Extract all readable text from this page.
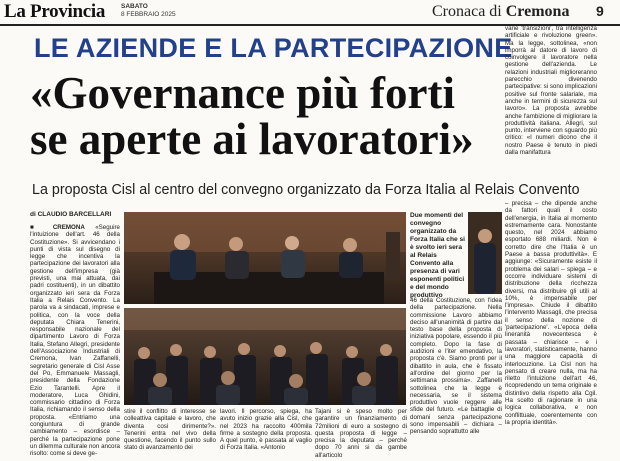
La Provincia SABATO
8 FEBBRAIO 2025	Cronaca di Cremona 9
LE AZIENDE E LA PARTECIPAZIONE
«Governance più forti
se aperte ai lavoratori»
La proposta Cisl al centro del convegno organizzato da Forza Italia al Relais Convento
di CLAUDIO BARCELLARI
■ CREMONA «Seguire l'intuizione dell'art. 46 della Costituzione». Si avvicendano i punti di vista sul disegno di legge che incentiva la partecipazione dei lavoratori alla gestione dell'impresa (già previsti, una mai attuata, dai padri costituenti), in un dibattito organizzato ieri sera da Forza Italia a Relais Convento. La parola va a sindacati, imprese e politica, con la voce della deputata Chiara Tenerini, responsabile nazionale del dipartimento Lavoro di Forza Italia, Stefano Allegri, presidente dell'Associazione Industriali di Cremona, Ivan Zaffanelli, segretario generale di Cisl Asse del Po, Emmanuele Massagli, presidente della Fondazione Ezio Tarantelli. Apre il moderatore, Luca Ghidini, commissario cittadino di Forza Italia, richiamando il senso della proposta. «Entriamo una congiuntura di grande cambiamento – esordisce – perché la partecipazione pone un dilemma culturale non ancora risolto: come si deve ge-
Due momenti del convegno organizzato da Forza Italia che si è svolto ieri sera al Relais Convento alla presenza di vari esponenti politici e del mondo produttivo
stire il conflitto di interesse se colleattiva capitale e lavoro, che diventa così dirimente?». Tenerini entra nel vivo della questione, facendo il punto sullo stato di avanzamento dei
lavori. Il percorso, spiega, ha avuto inizio grazie alla Cisl, che nel 2023 ha raccolto 400mila firme a sostegno della proposta. A quel punto, è passata al vaglio di Forza Italia. «Antonio
Tajani si è speso molto per garantire un finanziamento di 72milioni di euro a sostegno di questa proposta di legge – precisa la deputata – perché dopo 70 anni si da gambe all'articolo
46 della Costituzione, con l'idea della partecipazione. Nella commissione Lavoro abbiamo deciso all'unanimità di partire dal testo base della proposta di iniziativa popolare, essendo il più completo. Dopo la fase di audizioni e l'iter emendativo, la proposta c'è. Siamo pronti per il dibattito in aula, che è fissato all'ordine del giorno per la settimana prossima». Zaffanelli sottolinea che la legge è necessaria, se il sistema produttivo vuole reggere alle sfide del futuro. «Le battaglie di domani senza partecipazione sono impensabili – dichiara – pensando soprattutto alle
varie 'transizioni', tra intelligenza artificiale e rivoluzione green». Ma la legge, sottolinea, «non imporrà al datore di lavoro di coinvolgere il lavoratore nella gestione dell'azienda. Le relazioni industriali miglioreranno parecchio divenendo partecipative: si sono implicazioni positive sul fronte salariale, ma anche in termini di sicurezza sul lavoro». La proposta avrebbe anche l'ambizione di migliorare la produttività italiana. Allegri, sul punto, interviene con sguardo più critico: «I numeri dicono che il nostro Paese è tenuto in piedi dalla manifattura
– precisa – che dipende anche da fattori quali il costo dell'energia, in Italia al momento estremamente cara. Nonostante questo, nel 2024 abbiamo esportato 688 miliardi. Non è corretto dire che l'Italia è un Paese a bassa produttività». E aggiunge: «Sicuramente esiste il problema dei salari – spiega – e occorre individuare sistemi di distribuzione della ricchezza diversi, ma distribuire gli utili al 10%, è impensabile per l'impresa». Chiude il dibattito l'intervento Massagli, che precisa il senso della nozione di 'partecipazione'. «L'epoca della lineranità novecentesca è passata – chiarisce – e i lavoratori, statisticamente, hanno una maggiore capacità di interlocuzione. La Cisl non ha pensato di creare nulla, ma ha riletto l'intuizione dell'art 46, ricopredendo un tema originale e distintivo della rispetto alla Cgil. Ha scelto di ragionare in una logica collaborativa, e non conflittuale, coerentemente con la propria identità».
